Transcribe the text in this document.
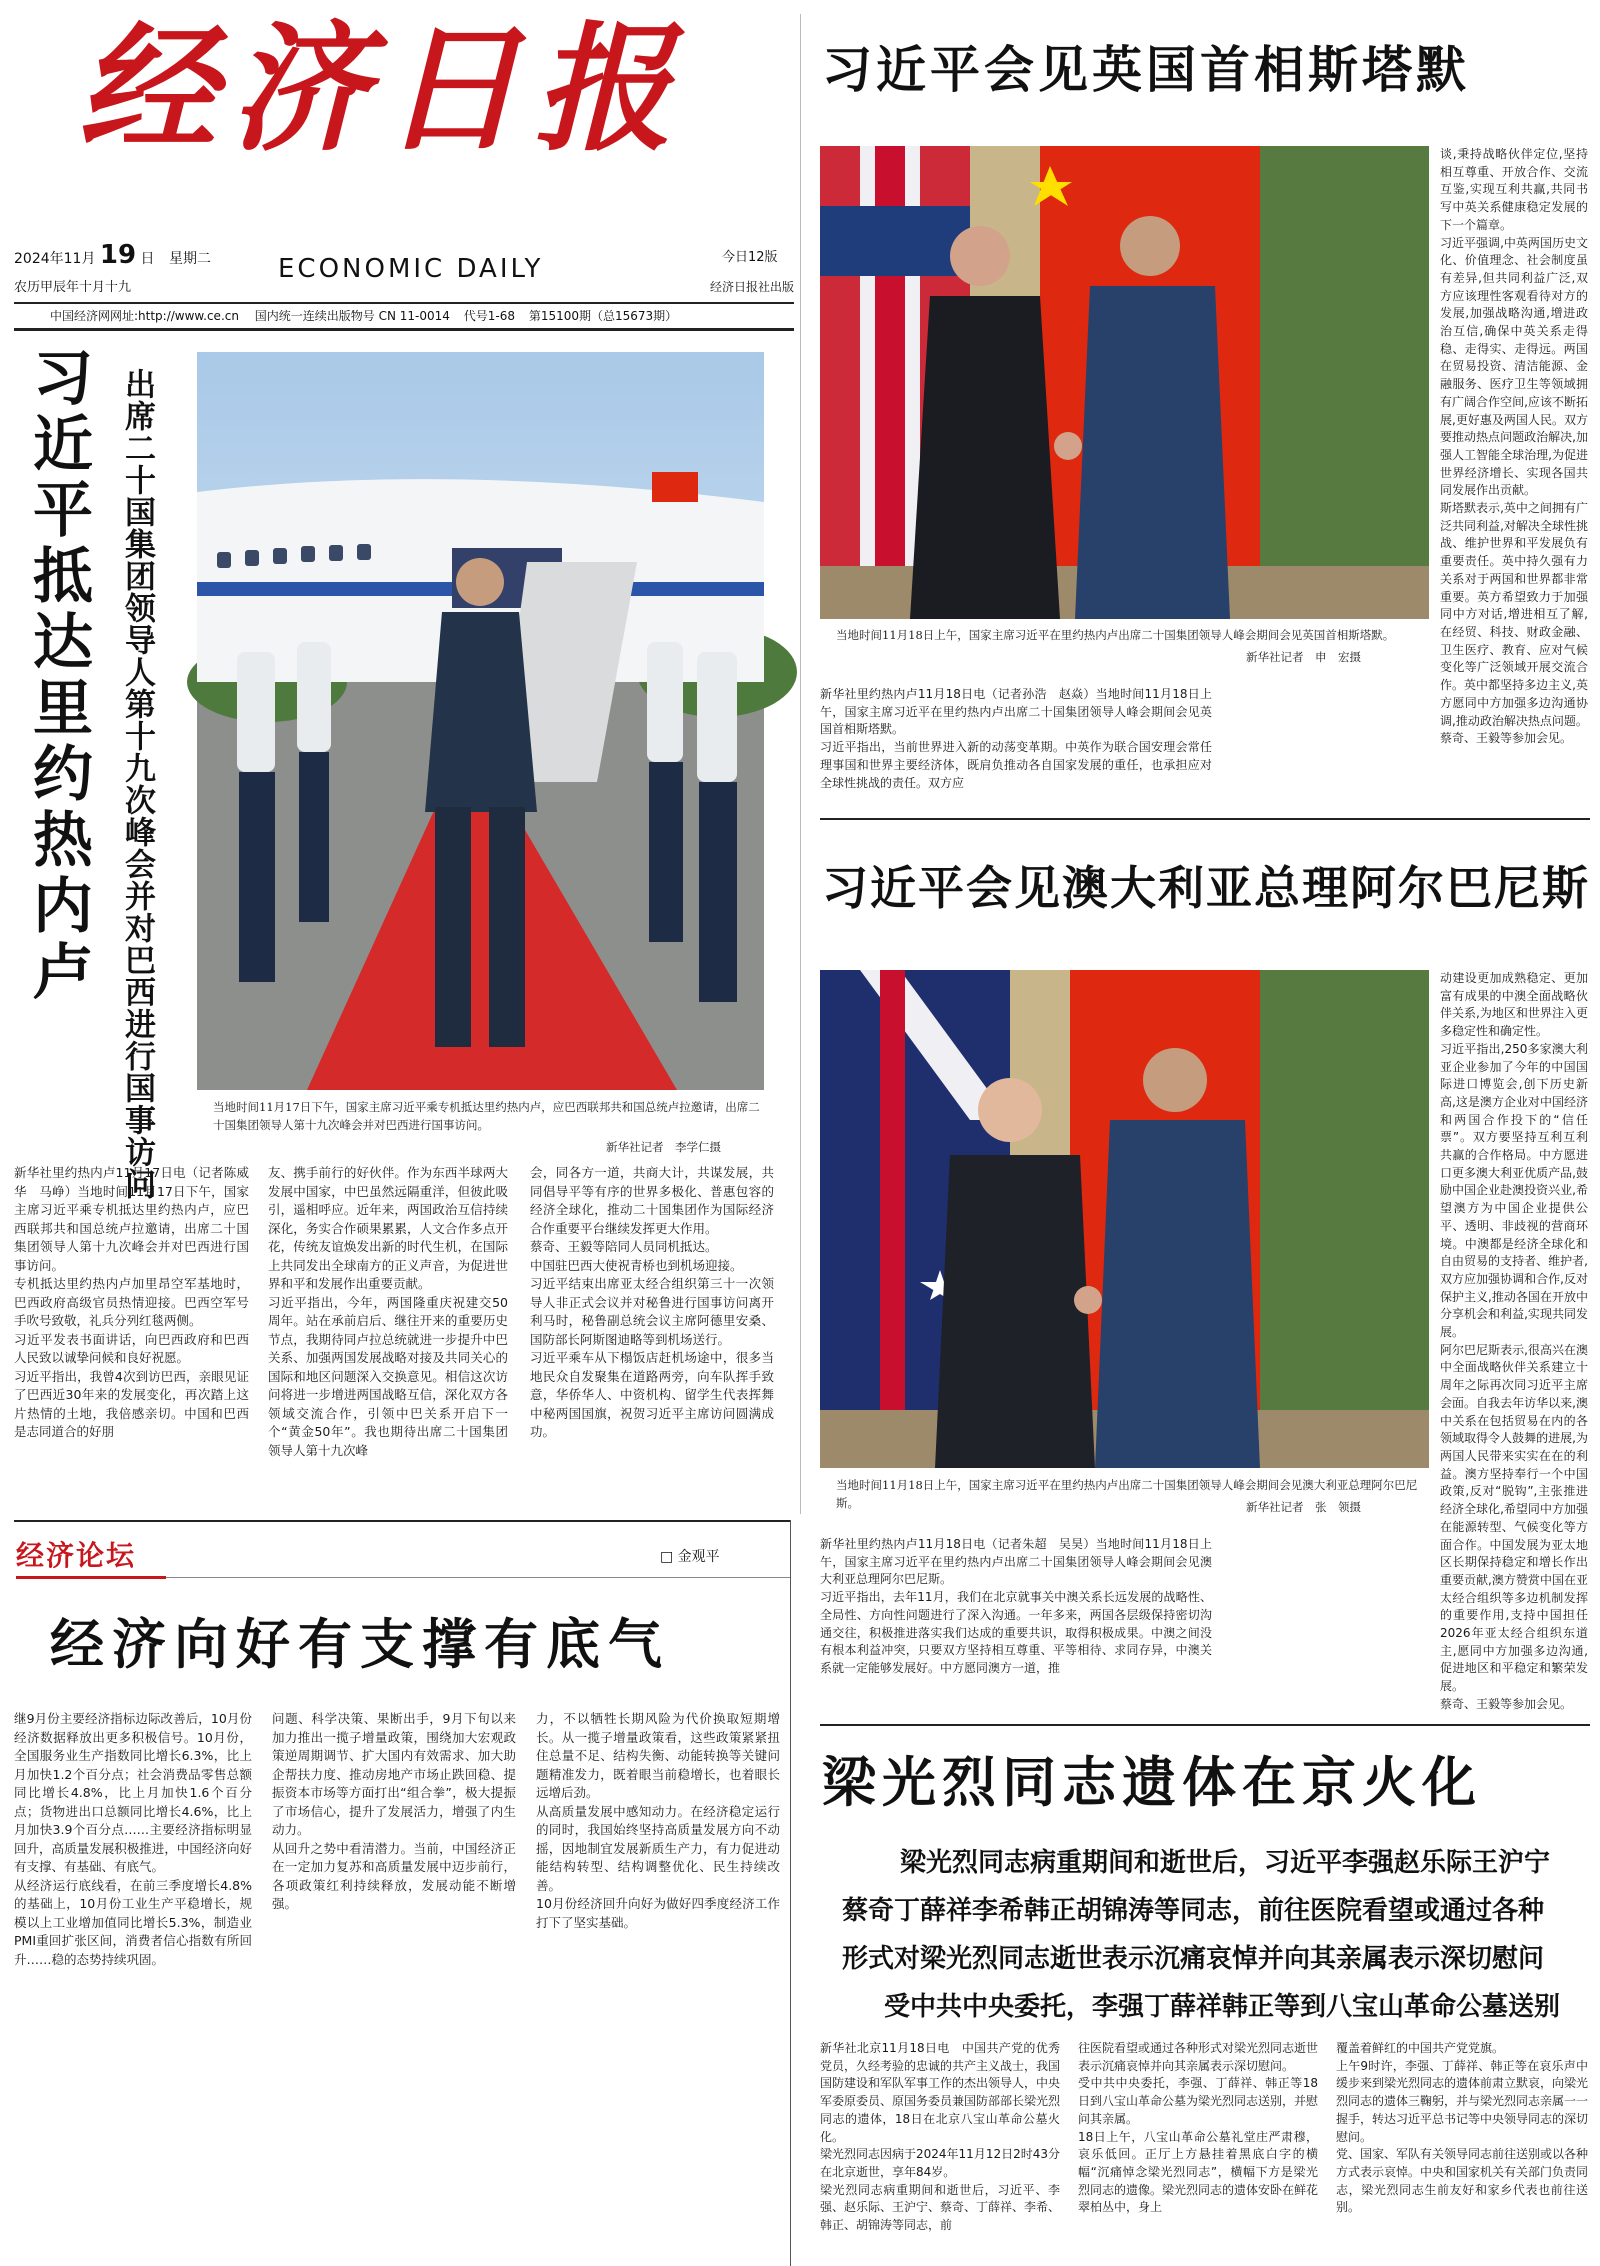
经济日报
2024年11月 19 日 星期二
农历甲辰年十月十九
ECONOMIC DAILY	今日12版
经济日报社出版
中国经济网网址:http://www.ce.cn 国内统一连续出版物号 CN 11-0014 代号1-68 第15100期（总15673期）
习近平抵达里约热内卢 出席二十国集团领导人第十九次峰会并对巴西进行国事访问	当地时间11月17日下午，国家主席习近平乘专机抵达里约热内卢，应巴西联邦共和国总统卢拉邀请，出席二十国集团领导人第十九次峰会并对巴西进行国事访问。
新华社记者　李学仁摄
新华社里约热内卢11月17日电（记者陈威华　马峥）当地时间11月17日下午，国家主席习近平乘专机抵达里约热内卢，应巴西联邦共和国总统卢拉邀请，出席二十国集团领导人第十九次峰会并对巴西进行国事访问。
专机抵达里约热内卢加里昂空军基地时，巴西政府高级官员热情迎接。巴西空军号手吹号致敬，礼兵分列红毯两侧。
习近平发表书面讲话，向巴西政府和巴西人民致以诚挚问候和良好祝愿。
习近平指出，我曾4次到访巴西，亲眼见证了巴西近30年来的发展变化，再次踏上这片热情的土地，我倍感亲切。中国和巴西是志同道合的好朋
友、携手前行的好伙伴。作为东西半球两大发展中国家，中巴虽然远隔重洋，但彼此吸引，遥相呼应。近年来，两国政治互信持续深化，务实合作硕果累累，人文合作多点开花，传统友谊焕发出新的时代生机，在国际上共同发出全球南方的正义声音，为促进世界和平和发展作出重要贡献。
习近平指出，今年，两国隆重庆祝建交50周年。站在承前启后、继往开来的重要历史节点，我期待同卢拉总统就进一步提升中巴关系、加强两国发展战略对接及共同关心的国际和地区问题深入交换意见。相信这次访问将进一步增进两国战略互信，深化双方各领域交流合作，引领中巴关系开启下一个“黄金50年”。我也期待出席二十国集团领导人第十九次峰
会，同各方一道，共商大计，共谋发展，共同倡导平等有序的世界多极化、普惠包容的经济全球化，推动二十国集团作为国际经济合作重要平台继续发挥更大作用。
蔡奇、王毅等陪同人员同机抵达。
中国驻巴西大使祝青桥也到机场迎接。
习近平结束出席亚太经合组织第三十一次领导人非正式会议并对秘鲁进行国事访问离开利马时，秘鲁副总统会议主席阿德里安桑、国防部长阿斯图迪略等到机场送行。
习近平乘车从下榻饭店赶机场途中，很多当地民众自发聚集在道路两旁，向车队挥手致意，华侨华人、中资机构、留学生代表挥舞中秘两国国旗，祝贺习近平主席访问圆满成功。
习近平会见英国首相斯塔默
谈,秉持战略伙伴定位,坚持相互尊重、开放合作、交流互鉴,实现互利共赢,共同书写中英关系健康稳定发展的下一个篇章。
习近平强调,中英两国历史文化、价值理念、社会制度虽有差异,但共同利益广泛,双方应该理性客观看待对方的发展,加强战略沟通,增进政治互信,确保中英关系走得稳、走得实、走得远。两国在贸易投资、清洁能源、金融服务、医疗卫生等领域拥有广阔合作空间,应该不断拓展,更好惠及两国人民。双方要推动热点问题政治解决,加强人工智能全球治理,为促进世界经济增长、实现各国共同发展作出贡献。
斯塔默表示,英中之间拥有广泛共同利益,对解决全球性挑战、维护世界和平发展负有重要责任。英中持久强有力关系对于两国和世界都非常重要。英方希望致力于加强同中方对话,增进相互了解,在经贸、科技、财政金融、卫生医疗、教育、应对气候变化等广泛领域开展交流合作。英中都坚持多边主义,英方愿同中方加强多边沟通协调,推动政治解决热点问题。
蔡奇、王毅等参加会见。
当地时间11月18日上午，国家主席习近平在里约热内卢出席二十国集团领导人峰会期间会见英国首相斯塔默。
新华社记者　申　宏摄
新华社里约热内卢11月18日电（记者孙浩　赵焱）当地时间11月18日上午，国家主席习近平在里约热内卢出席二十国集团领导人峰会期间会见英国首相斯塔默。
习近平指出，当前世界进入新的动荡变革期。中英作为联合国安理会常任理事国和世界主要经济体，既肩负推动各自国家发展的重任，也承担应对全球性挑战的责任。双方应
习近平会见澳大利亚总理阿尔巴尼斯
动建设更加成熟稳定、更加富有成果的中澳全面战略伙伴关系,为地区和世界注入更多稳定性和确定性。
习近平指出,250多家澳大利亚企业参加了今年的中国国际进口博览会,创下历史新高,这是澳方企业对中国经济和两国合作投下的“信任票”。双方要坚持互利互利共赢的合作格局。中方愿进口更多澳大利亚优质产品,鼓励中国企业赴澳投资兴业,希望澳方为中国企业提供公平、透明、非歧视的营商环境。中澳都是经济全球化和自由贸易的支持者、维护者,双方应加强协调和合作,反对保护主义,推动各国在开放中分享机会和利益,实现共同发展。
阿尔巴尼斯表示,很高兴在澳中全面战略伙伴关系建立十周年之际再次同习近平主席会面。自我去年访华以来,澳中关系在包括贸易在内的各领域取得令人鼓舞的进展,为两国人民带来实实在在的利益。澳方坚持奉行一个中国政策,反对“脱钩”,主张推进经济全球化,希望同中方加强在能源转型、气候变化等方面合作。中国发展为亚太地区长期保持稳定和增长作出重要贡献,澳方赞赏中国在亚太经合组织等多边机制发挥的重要作用,支持中国担任2026年亚太经合组织东道主,愿同中方加强多边沟通,促进地区和平稳定和繁荣发展。
蔡奇、王毅等参加会见。
当地时间11月18日上午，国家主席习近平在里约热内卢出席二十国集团领导人峰会期间会见澳大利亚总理阿尔巴尼斯。	新华社记者　张　领摄
新华社里约热内卢11月18日电（记者朱超　吴昊）当地时间11月18日上午，国家主席习近平在里约热内卢出席二十国集团领导人峰会期间会见澳大利亚总理阿尔巴尼斯。
习近平指出，去年11月，我们在北京就事关中澳关系长远发展的战略性、全局性、方向性问题进行了深入沟通。一年多来，两国各层级保持密切沟通交往，积极推进落实我们达成的重要共识，取得积极成果。中澳之间没有根本利益冲突，只要双方坚持相互尊重、平等相待、求同存异，中澳关系就一定能够发展好。中方愿同澳方一道，推
经济论坛	□ 金观平
经济向好有支撑有底气
继9月份主要经济指标边际改善后，10月份经济数据释放出更多积极信号。10月份，全国服务业生产指数同比增长6.3%，比上月加快1.2个百分点；社会消费品零售总额同比增长4.8%，比上月加快1.6个百分点；货物进出口总额同比增长4.6%，比上月加快3.9个百分点……主要经济指标明显回升，高质量发展积极推进，中国经济向好有支撑、有基础、有底气。
从经济运行底线看，在前三季度增长4.8%的基础上，10月份工业生产平稳增长，规模以上工业增加值同比增长5.3%，制造业PMI重回扩张区间，消费者信心指数有所回升……稳的态势持续巩固。
问题、科学决策、果断出手，9月下旬以来加力推出一揽子增量政策，围绕加大宏观政策逆周期调节、扩大国内有效需求、加大助企帮扶力度、推动房地产市场止跌回稳、提振资本市场等方面打出“组合拳”，极大提振了市场信心，提升了发展活力，增强了内生动力。
从回升之势中看清潜力。当前，中国经济正在一定加力复苏和高质量发展中迈步前行，各项政策红利持续释放，发展动能不断增强。
力，不以牺牲长期风险为代价换取短期增长。从一揽子增量政策看，这些政策紧紧扭住总量不足、结构失衡、动能转换等关键问题精准发力，既着眼当前稳增长，也着眼长远增后劲。
从高质量发展中感知动力。在经济稳定运行的同时，我国始终坚持高质量发展方向不动摇，因地制宜发展新质生产力，有力促进动能结构转型、结构调整优化、民生持续改善。
10月份经济回升向好为做好四季度经济工作打下了坚实基础。
梁光烈同志遗体在京火化
梁光烈同志病重期间和逝世后，习近平李强赵乐际王沪宁
蔡奇丁薛祥李希韩正胡锦涛等同志，前往医院看望或通过各种
形式对梁光烈同志逝世表示沉痛哀悼并向其亲属表示深切慰问
受中共中央委托，李强丁薛祥韩正等到八宝山革命公墓送别
新华社北京11月18日电　中国共产党的优秀党员，久经考验的忠诚的共产主义战士，我国国防建设和军队军事工作的杰出领导人，中央军委原委员、原国务委员兼国防部部长梁光烈同志的遗体，18日在北京八宝山革命公墓火化。
梁光烈同志因病于2024年11月12日2时43分在北京逝世，享年84岁。
梁光烈同志病重期间和逝世后，习近平、李强、赵乐际、王沪宁、蔡奇、丁薛祥、李希、韩正、胡锦涛等同志，前
往医院看望或通过各种形式对梁光烈同志逝世表示沉痛哀悼并向其亲属表示深切慰问。
受中共中央委托，李强、丁薛祥、韩正等18日到八宝山革命公墓为梁光烈同志送别，并慰问其亲属。
18日上午，八宝山革命公墓礼堂庄严肃穆，哀乐低回。正厅上方悬挂着黑底白字的横幅“沉痛悼念梁光烈同志”，横幅下方是梁光烈同志的遗像。梁光烈同志的遗体安卧在鲜花翠柏丛中，身上
覆盖着鲜红的中国共产党党旗。
上午9时许，李强、丁薛祥、韩正等在哀乐声中缓步来到梁光烈同志的遗体前肃立默哀，向梁光烈同志的遗体三鞠躬，并与梁光烈同志亲属一一握手，转达习近平总书记等中央领导同志的深切慰问。
党、国家、军队有关领导同志前往送别或以各种方式表示哀悼。中央和国家机关有关部门负责同志，梁光烈同志生前友好和家乡代表也前往送别。
